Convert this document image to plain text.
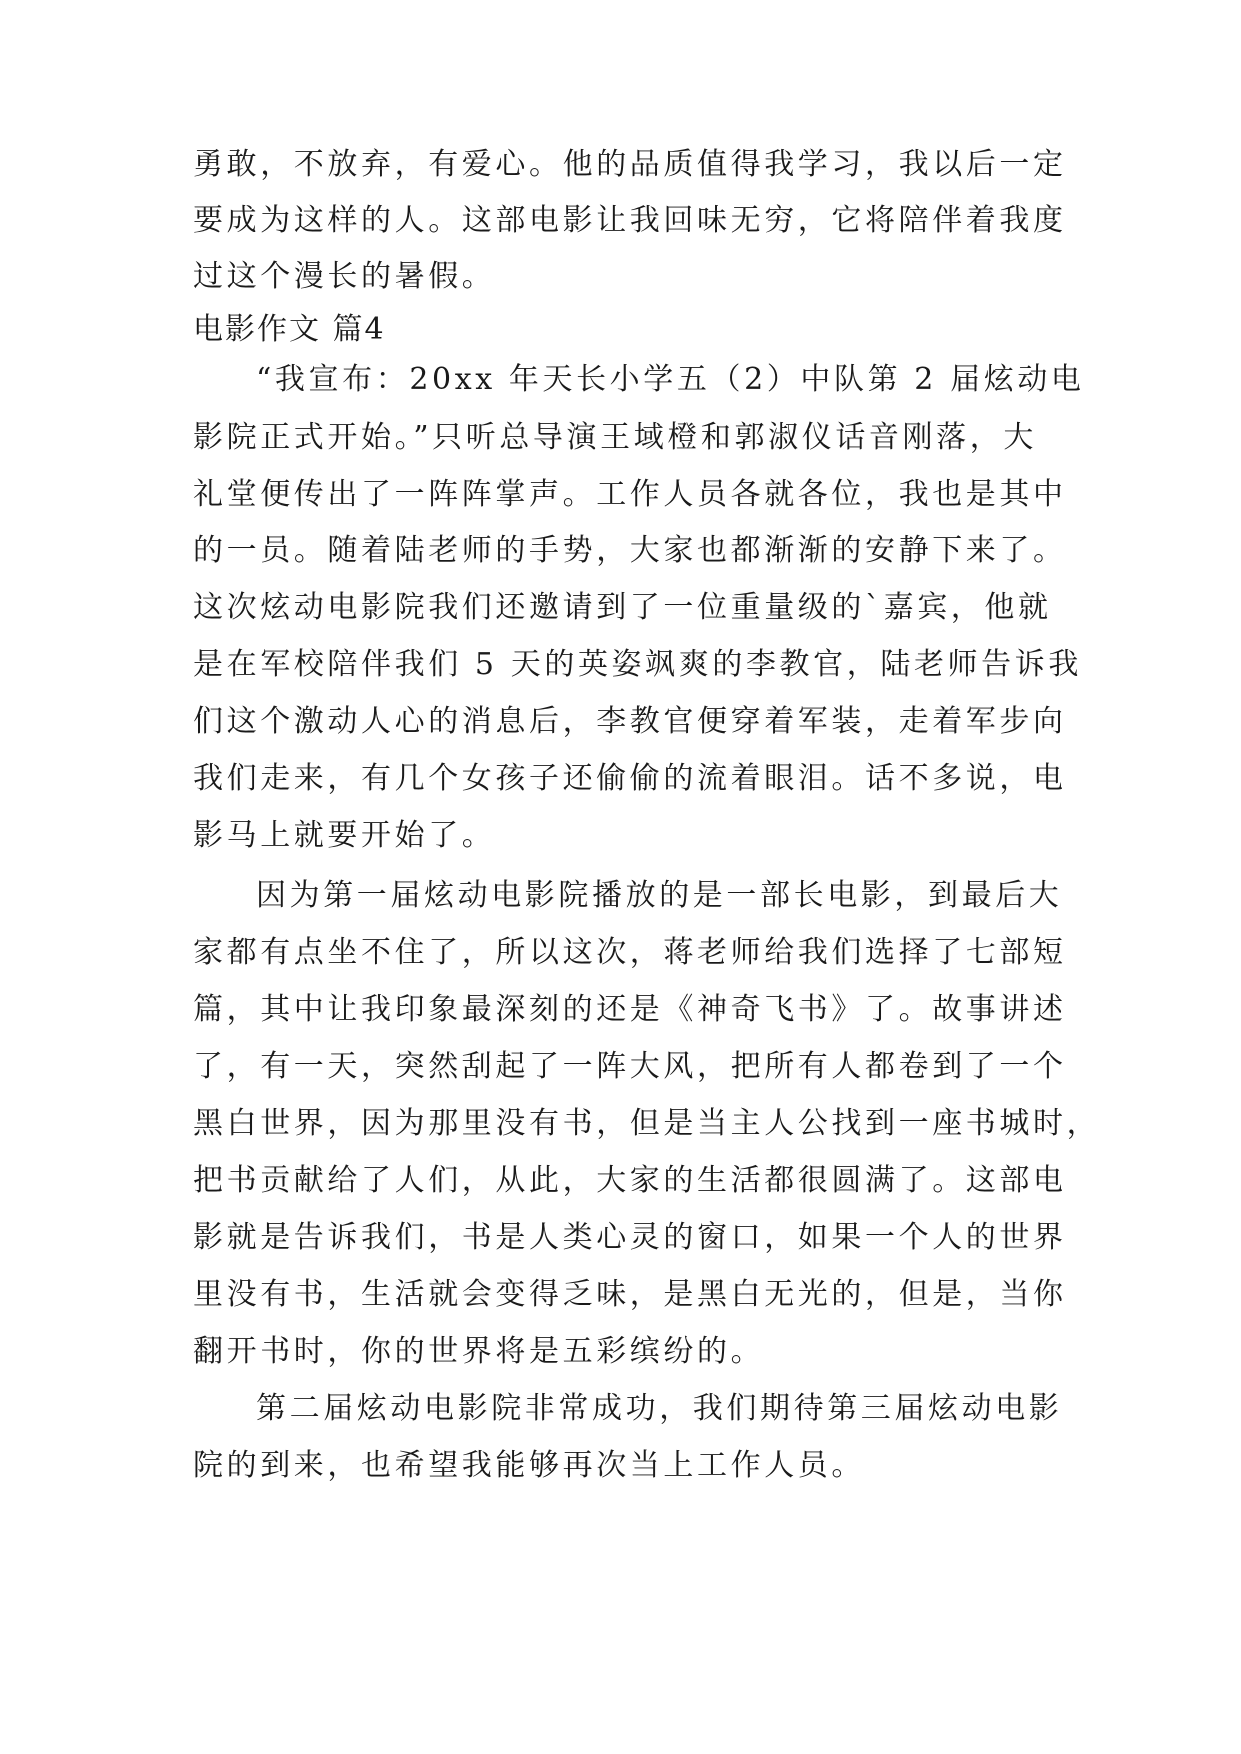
勇敢，不放弃，有爱心。他的品质值得我学习，我以后一定
要成为这样的人。这部电影让我回味无穷，它将陪伴着我度
过这个漫长的暑假。
电影作文 篇4
“我宣布：20xx 年天长小学五（2）中队第 2 届炫动电
影院正式开始。”只听总导演王域橙和郭淑仪话音刚落，大
礼堂便传出了一阵阵掌声。工作人员各就各位，我也是其中
的一员。随着陆老师的手势，大家也都渐渐的安静下来了。
这次炫动电影院我们还邀请到了一位重量级的`嘉宾，他就
是在军校陪伴我们 5 天的英姿飒爽的李教官，陆老师告诉我
们这个激动人心的消息后，李教官便穿着军装，走着军步向
我们走来，有几个女孩子还偷偷的流着眼泪。话不多说，电
影马上就要开始了。
因为第一届炫动电影院播放的是一部长电影，到最后大
家都有点坐不住了，所以这次，蒋老师给我们选择了七部短
篇，其中让我印象最深刻的还是《神奇飞书》了。故事讲述
了，有一天，突然刮起了一阵大风，把所有人都卷到了一个
黑白世界，因为那里没有书，但是当主人公找到一座书城时，
把书贡献给了人们，从此，大家的生活都很圆满了。这部电
影就是告诉我们，书是人类心灵的窗口，如果一个人的世界
里没有书，生活就会变得乏味，是黑白无光的，但是，当你
翻开书时，你的世界将是五彩缤纷的。
第二届炫动电影院非常成功，我们期待第三届炫动电影
院的到来，也希望我能够再次当上工作人员。
